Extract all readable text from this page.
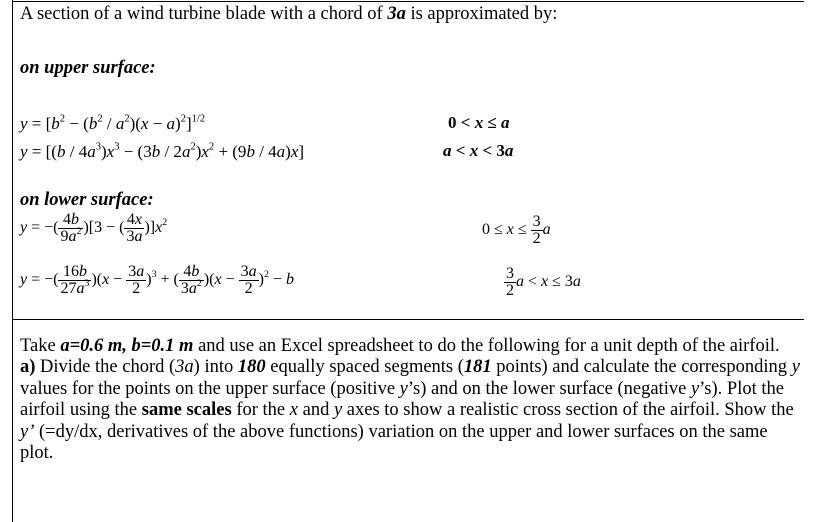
A section of a wind turbine blade with a chord of 3a is approximated by:
on upper surface:
$y = [b^2 - (b^2 / a^2)(x - a)^2]^{1/2}$	0 < x ≤ a
$y = [(b / 4a^3)x^3 - (3b / 2a^2)x^2 + (9b / 4a)x]$	a < x < 3a
on lower surface:
y = −( $\frac{4b}{9a^2} )[3$ − ( $\frac{4x}{3a} )]x^2$	$0 \le x \le \frac{3}{2}$ a
y = −( $\frac{16b}{27a^3} )(x - \frac{3a}{2} )^3$ + ( $\frac{4b}{3a^2} )(x - \frac{3a}{2} )^2 - b$	$\frac{3}{2}$ a < x ≤ 3a
Take a=0.6 m, b=0.1 m and use an Excel spreadsheet to do the following for a unit depth of the airfoil.
a) Divide the chord (3a) into 180 equally spaced segments (181 points) and calculate the corresponding y values for the points on the upper surface (positive y’s) and on the lower surface (negative y’s). Plot the airfoil using the same scales for the x and y axes to show a realistic cross section of the airfoil. Show the y’ (=dy/dx, derivatives of the above functions) variation on the upper and lower surfaces on the same plot.
